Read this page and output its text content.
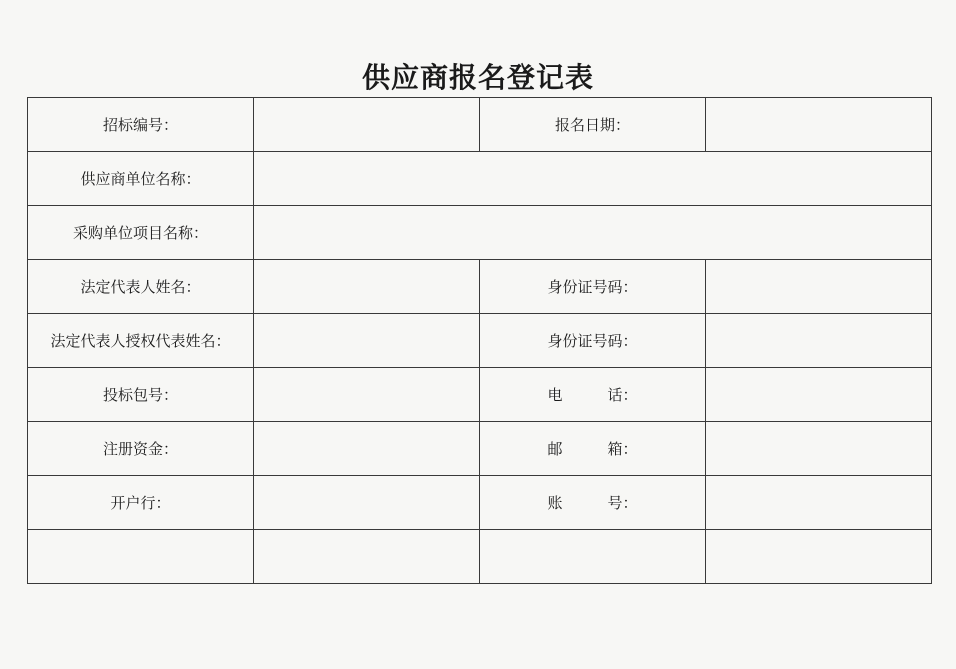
供应商报名登记表
招标编号：		报名日期：	
供应商单位名称：			
采购单位项目名称：			
法定代表人姓名：		身份证号码：	
法定代表人授权代表姓名：		身份证号码：	
投标包号：		电　　　话：	
注册资金：		邮　　　箱：	
开户行：		账　　　号：	
